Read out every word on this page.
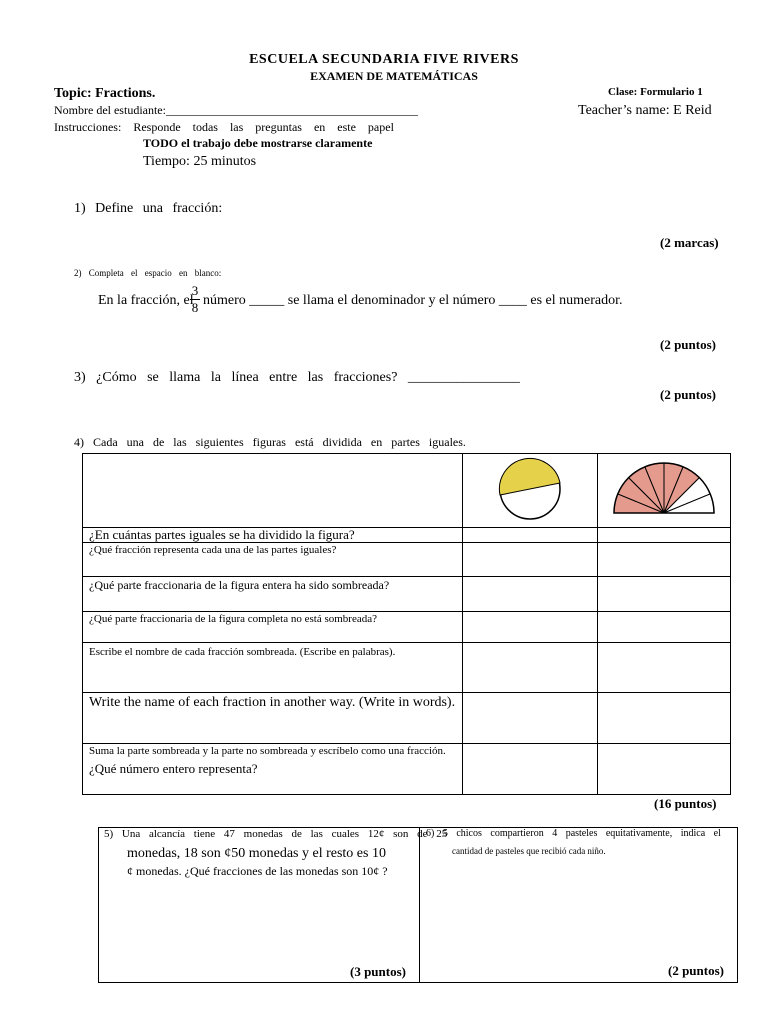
ESCUELA SECUNDARIA FIVE RIVERS
EXAMEN DE MATEMÁTICAS
Topic: Fractions.	Clase: Formulario 1
Teacher’s name: E Reid
Nombre del estudiante:__________________________________________
Instrucciones: Responde todas las preguntas en este papel
TODO el trabajo debe mostrarse claramente
Tiempo: 25 minutos
1) Define una fracción:
(2 marcas)
2) Completa el espacio en blanco:
En la fracción, el
3
8 número _____ se llama el denominador y el número ____ es el numerador.
(2 puntos)
3) ¿Cómo se llama la línea entre las fracciones? ________________
(2 puntos)
4) Cada una de las siguientes figuras está dividida en partes iguales.

¿En cuántas partes iguales se ha dividido la figura?		
¿Qué fracción representa cada una de las partes iguales?		
¿Qué parte fraccionaria de la figura entera ha sido sombreada?		
¿Qué parte fraccionaria de la figura completa no está sombreada?		
Escribe el nombre de cada fracción sombreada. (Escribe en palabras).		
Write the name of each fraction in another way. (Write in words).		

Suma la parte sombreada y la parte no sombreada y escríbelo como una fracción.
¿Qué número entero representa?		

(16 puntos)
5) Una alcancía tiene 47 monedas de las cuales 12¢ son de 25
monedas, 18 son ¢50 monedas y el resto es 10
¢ monedas. ¿Qué fracciones de las monedas son 10¢ ?
(3 puntos)
6) 5 chicos compartieron 4 pasteles equitativamente, indica el
cantidad de pasteles que recibió cada niño.
(2 puntos)
